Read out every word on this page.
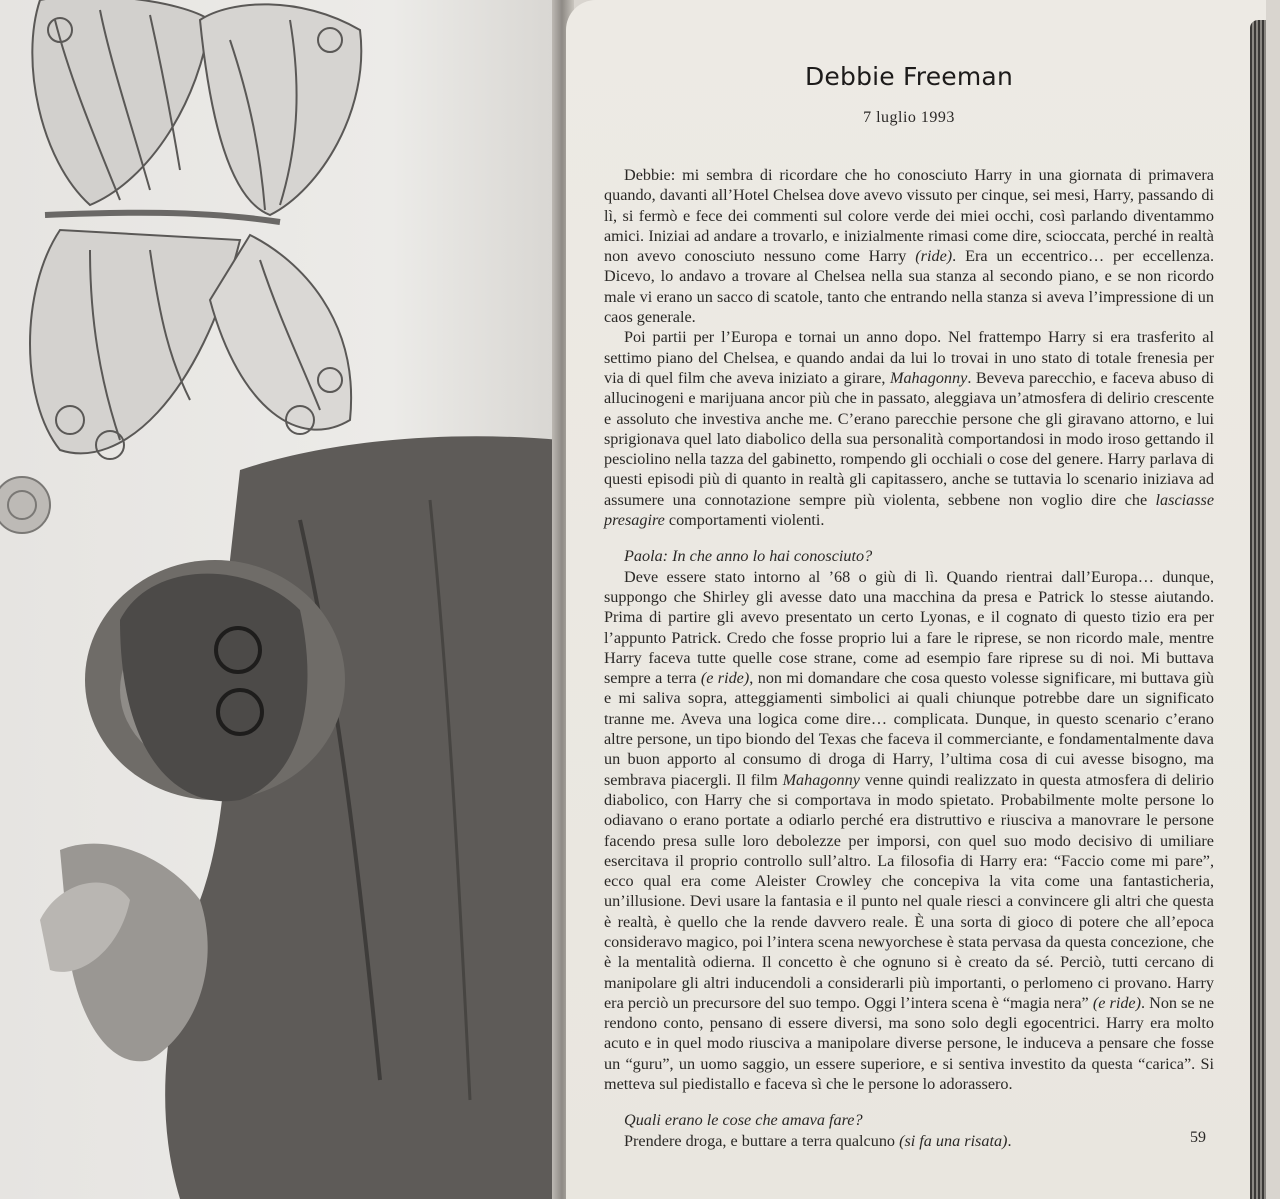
Debbie Freeman
7 luglio 1993

Debbie: mi sembra di ricordare che ho conosciuto Harry in una giornata di primavera quando, davanti all’Hotel Chelsea dove avevo vissuto per cinque, sei mesi, Harry, passando di lì, si fermò e fece dei commenti sul colore verde dei miei occhi, così parlando diventammo amici. Iniziai ad andare a trovarlo, e inizialmente rimasi come dire, scioccata, perché in realtà non avevo conosciuto nessuno come Harry (ride). Era un eccentrico… per eccellenza. Dicevo, lo andavo a trovare al Chelsea nella sua stanza al secondo piano, e se non ricordo male vi erano un sacco di scatole, tanto che entrando nella stanza si aveva l’impressione di un caos generale.

Poi partii per l’Europa e tornai un anno dopo. Nel frattempo Harry si era trasferito al settimo piano del Chelsea, e quando andai da lui lo trovai in uno stato di totale frenesia per via di quel film che aveva iniziato a girare, Mahagonny. Beveva parecchio, e faceva abuso di allucinogeni e marijuana ancor più che in passato, aleggiava un’atmosfera di delirio crescente e assoluto che investiva anche me. C’erano parecchie persone che gli giravano attorno, e lui sprigionava quel lato diabolico della sua personalità comportandosi in modo iroso gettando il pesciolino nella tazza del gabinetto, rompendo gli occhiali o cose del genere. Harry parlava di questi episodi più di quanto in realtà gli capitassero, anche se tuttavia lo scenario iniziava ad assumere una connotazione sempre più violenta, sebbene non voglio dire che lasciasse presagire comportamenti violenti.

Paola: In che anno lo hai conosciuto?

Deve essere stato intorno al ’68 o giù di lì. Quando rientrai dall’Europa… dunque, suppongo che Shirley gli avesse dato una macchina da presa e Patrick lo stesse aiutando. Prima di partire gli avevo presentato un certo Lyonas, e il cognato di questo tizio era per l’appunto Patrick. Credo che fosse proprio lui a fare le riprese, se non ricordo male, mentre Harry faceva tutte quelle cose strane, come ad esempio fare riprese su di noi. Mi buttava sempre a terra (e ride), non mi domandare che cosa questo volesse significare, mi buttava giù e mi saliva sopra, atteggiamenti simbolici ai quali chiunque potrebbe dare un significato tranne me. Aveva una logica come dire… complicata. Dunque, in questo scenario c’erano altre persone, un tipo biondo del Texas che faceva il commerciante, e fondamentalmente dava un buon apporto al consumo di droga di Harry, l’ultima cosa di cui avesse bisogno, ma sembrava piacergli. Il film Mahagonny venne quindi realizzato in questa atmosfera di delirio diabolico, con Harry che si comportava in modo spietato. Probabilmente molte persone lo odiavano o erano portate a odiarlo perché era distruttivo e riusciva a manovrare le persone facendo presa sulle loro debolezze per imporsi, con quel suo modo decisivo di umiliare esercitava il proprio controllo sull’altro. La filosofia di Harry era: “Faccio come mi pare”, ecco qual era come Aleister Crowley che concepiva la vita come una fantasticheria, un’illusione. Devi usare la fantasia e il punto nel quale riesci a convincere gli altri che questa è realtà, è quello che la rende davvero reale. È una sorta di gioco di potere che all’epoca consideravo magico, poi l’intera scena newyorchese è stata pervasa da questa concezione, che è la mentalità odierna. Il concetto è che ognuno si è creato da sé. Perciò, tutti cercano di manipolare gli altri inducendoli a considerarli più importanti, o perlomeno ci provano. Harry era perciò un precursore del suo tempo. Oggi l’intera scena è “magia nera” (e ride). Non se ne rendono conto, pensano di essere diversi, ma sono solo degli egocentrici. Harry era molto acuto e in quel modo riusciva a manipolare diverse persone, le induceva a pensare che fosse un “guru”, un uomo saggio, un essere superiore, e si sentiva investito da questa “carica”. Si metteva sul piedistallo e faceva sì che le persone lo adorassero.

Quali erano le cose che amava fare?

Prendere droga, e buttare a terra qualcuno (si fa una risata).	59
